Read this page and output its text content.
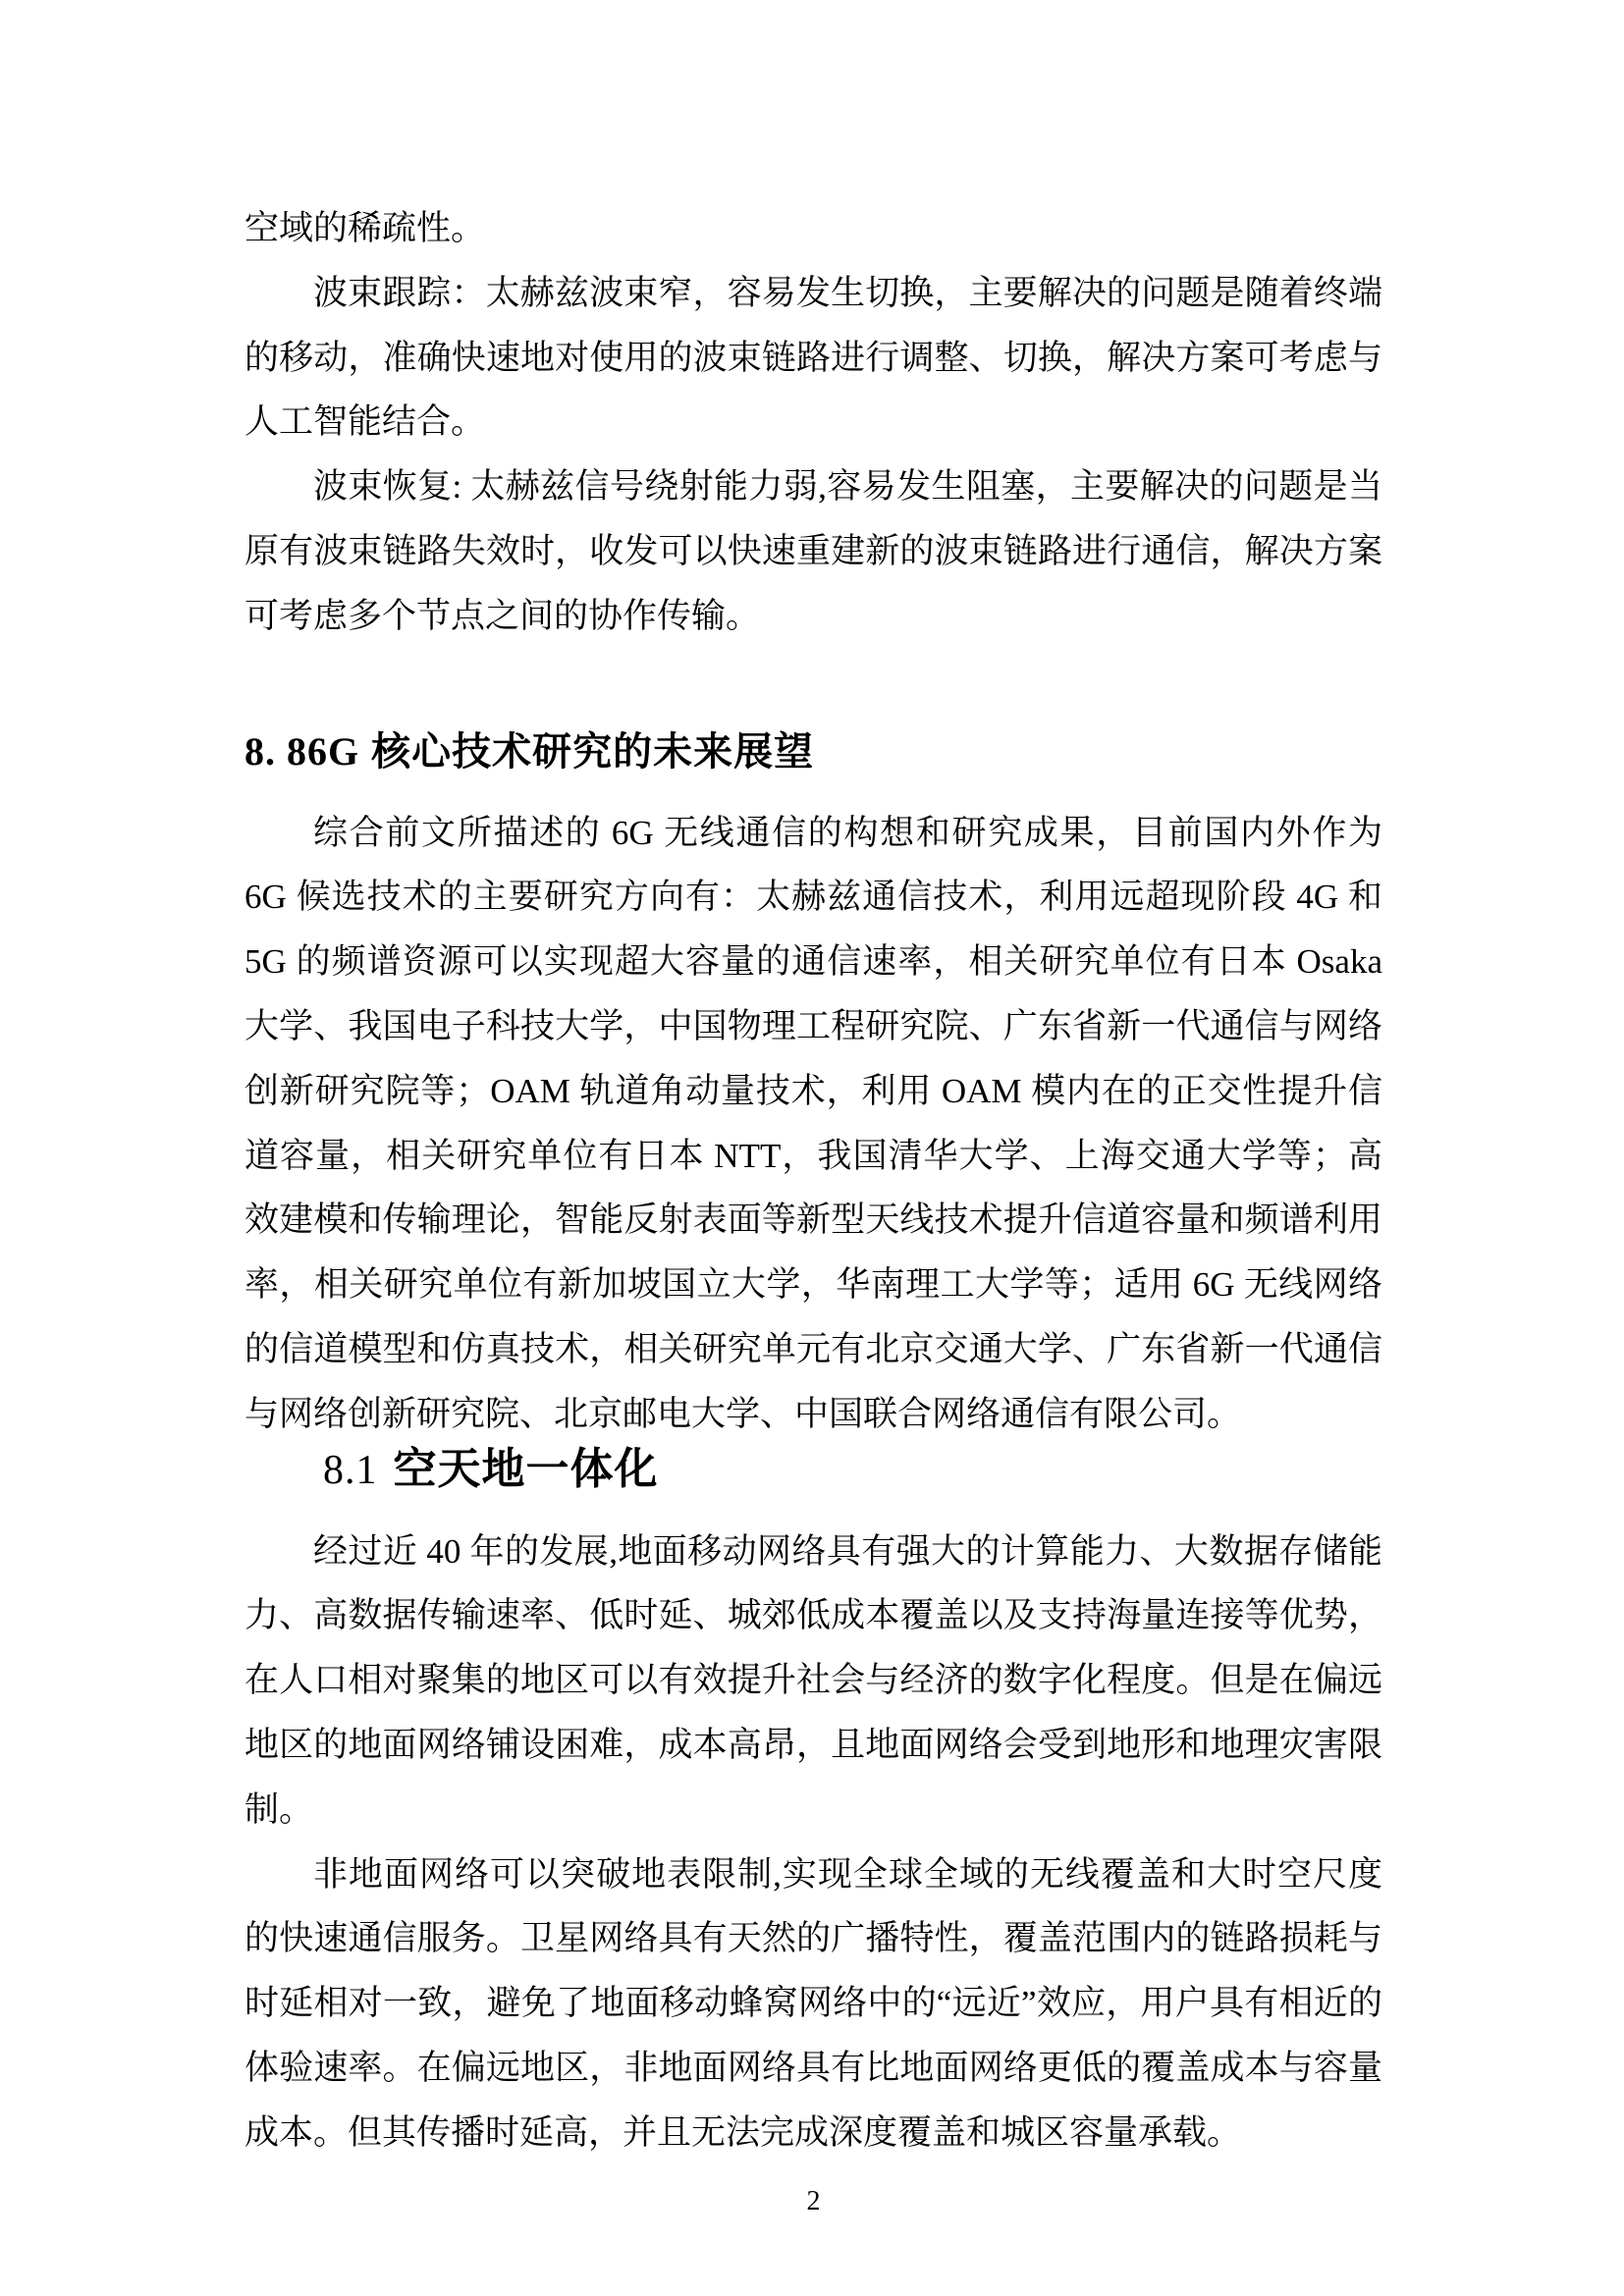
空域的稀疏性。

波束跟踪：太赫兹波束窄，容易发生切换，主要解决的问题是随着终端的移动，准确快速地对使用的波束链路进行调整、切换，解决方案可考虑与人工智能结合。

波束恢复: 太赫兹信号绕射能力弱,容易发生阻塞，主要解决的问题是当原有波束链路失效时，收发可以快速重建新的波束链路进行通信，解决方案可考虑多个节点之间的协作传输。

8. 86G 核心技术研究的未来展望

综合前文所描述的 6G 无线通信的构想和研究成果，目前国内外作为 6G 候选技术的主要研究方向有：太赫兹通信技术，利用远超现阶段 4G 和 5G 的频谱资源可以实现超大容量的通信速率，相关研究单位有日本 Osaka 大学、我国电子科技大学，中国物理工程研究院、广东省新一代通信与网络创新研究院等；OAM 轨道角动量技术，利用 OAM 模内在的正交性提升信道容量，相关研究单位有日本 NTT，我国清华大学、上海交通大学等；高效建模和传输理论，智能反射表面等新型天线技术提升信道容量和频谱利用率，相关研究单位有新加坡国立大学，华南理工大学等；适用 6G 无线网络的信道模型和仿真技术，相关研究单元有北京交通大学、广东省新一代通信与网络创新研究院、北京邮电大学、中国联合网络通信有限公司。

8.1 空天地一体化

经过近 40 年的发展,地面移动网络具有强大的计算能力、大数据存储能力、高数据传输速率、低时延、城郊低成本覆盖以及支持海量连接等优势，在人口相对聚集的地区可以有效提升社会与经济的数字化程度。但是在偏远地区的地面网络铺设困难，成本高昂，且地面网络会受到地形和地理灾害限制。

非地面网络可以突破地表限制,实现全球全域的无线覆盖和大时空尺度的快速通信服务。卫星网络具有天然的广播特性，覆盖范围内的链路损耗与时延相对一致，避免了地面移动蜂窝网络中的“远近”效应，用户具有相近的体验速率。在偏远地区，非地面网络具有比地面网络更低的覆盖成本与容量成本。但其传播时延高，并且无法完成深度覆盖和城区容量承载。

2
